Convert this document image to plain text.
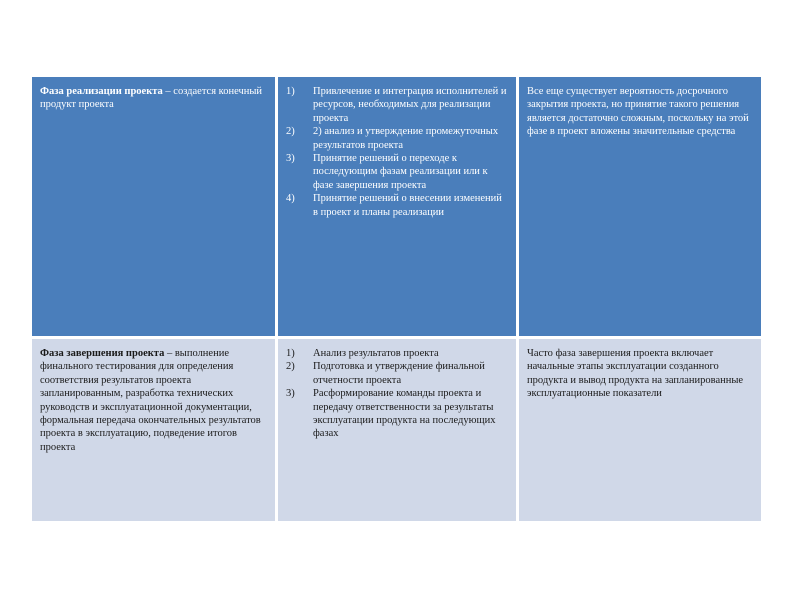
Фаза реализации проекта – создается конечный продукт проекта
1) Привлечение и интеграция исполнителей и ресурсов, необходимых для реализации проекта
2) 2) анализ и утверждение промежуточных результатов проекта
3) Принятие решений о переходе к последующим фазам реализации или к фазе завершения проекта
4) Принятие решений о внесении изменений в проект и планы реализации
Все еще существует вероятность досрочного закрытия проекта, но принятие такого решения является достаточно сложным, поскольку на этой фазе в проект вложены значительные средства
Фаза завершения проекта – выполнение финального тестирования для определения соответствия результатов проекта запланированным, разработка технических руководств и эксплуатационной документации, формальная передача окончательных результатов проекта в эксплуатацию, подведение итогов проекта
1) Анализ результатов проекта
2) Подготовка и утверждение финальной отчетности проекта
3) Расформирование команды проекта и передачу ответственности за результаты эксплуатации продукта на последующих фазах
Часто фаза завершения проекта включает начальные этапы эксплуатации созданного продукта и вывод продукта на запланированные эксплуатационные показатели
